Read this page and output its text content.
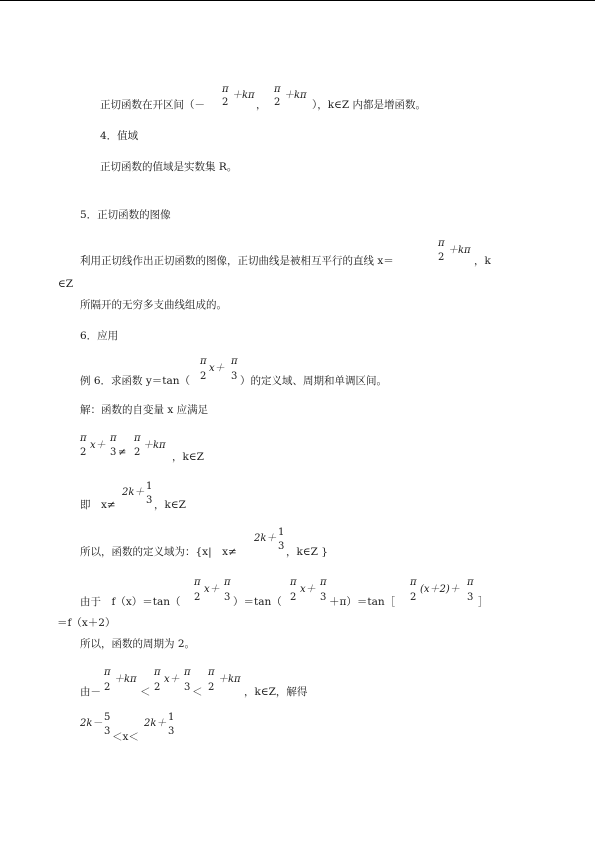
正切函数在开区间（－
π
2
＋kπ
，
π
2
＋kπ
），k∈Z 内都是增函数。
4．值域
正切函数的值域是实数集 R。
5．正切函数的图像
利用正切线作出正切函数的图像，正切曲线是被相互平行的直线 x＝
π
2
＋kπ
，k
∈Z
所隔开的无穷多支曲线组成的。
6．应用
例 6．求函数 y＝tan（
π
2
x＋
π
3 ）的定义域、周期和单调区间。
解：函数的自变量 x 应满足
π
2
x＋
π
3 ≠
π
2
＋kπ
，k∈Z
即　x≠
2k＋
1
3 ，k∈Z
所以，函数的定义域为：{x|　x≠
2k＋
1
3 ，k∈Z }
由于　f（x）＝tan（
π
2
x＋
π
3 ）＝tan（
π
2
x＋
π
3 ＋π）＝tan［
π
2
(x＋2)＋
π
3 ］
＝f（x＋2）
所以，函数的周期为 2。
由－
π
2
＋kπ
＜
π
2
x＋
π
3 ＜
π
2
＋kπ
，k∈Z，解得
2k－
5
3 ＜x＜
2k＋
1
3
